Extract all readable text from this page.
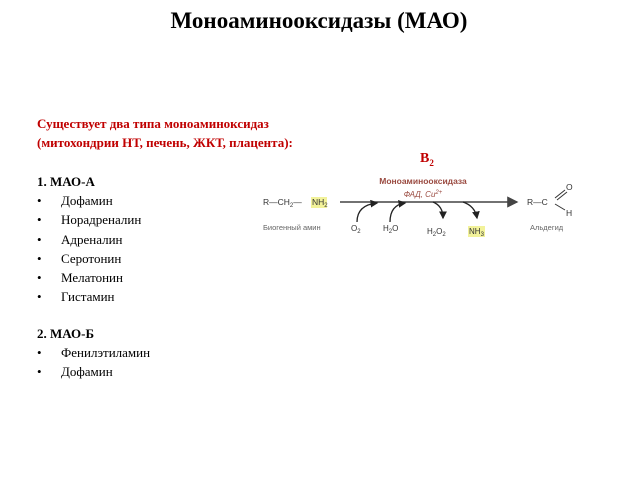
Моноаминооксидазы (МАО)
Существует два типа моноаминоксидаз
(митохондрии НТ, печень, ЖКТ, плацента):
$B_2$
1. МАО-А
• Дофамин
• Норадреналин
• Адреналин
• Серотонин
• Мелатонин
• Гистамин
2. МАО-Б
• Фенилэтиламин
• Дофамин
$R—CH_2—$ $NH_2$
Биогенный амин
Моноаминооксидаза
ФАД, $Cu^{2+}$
$O_2$	$H_2O$	$H_2O_2$	$NH_3$
R—C
O
H
Альдегид
